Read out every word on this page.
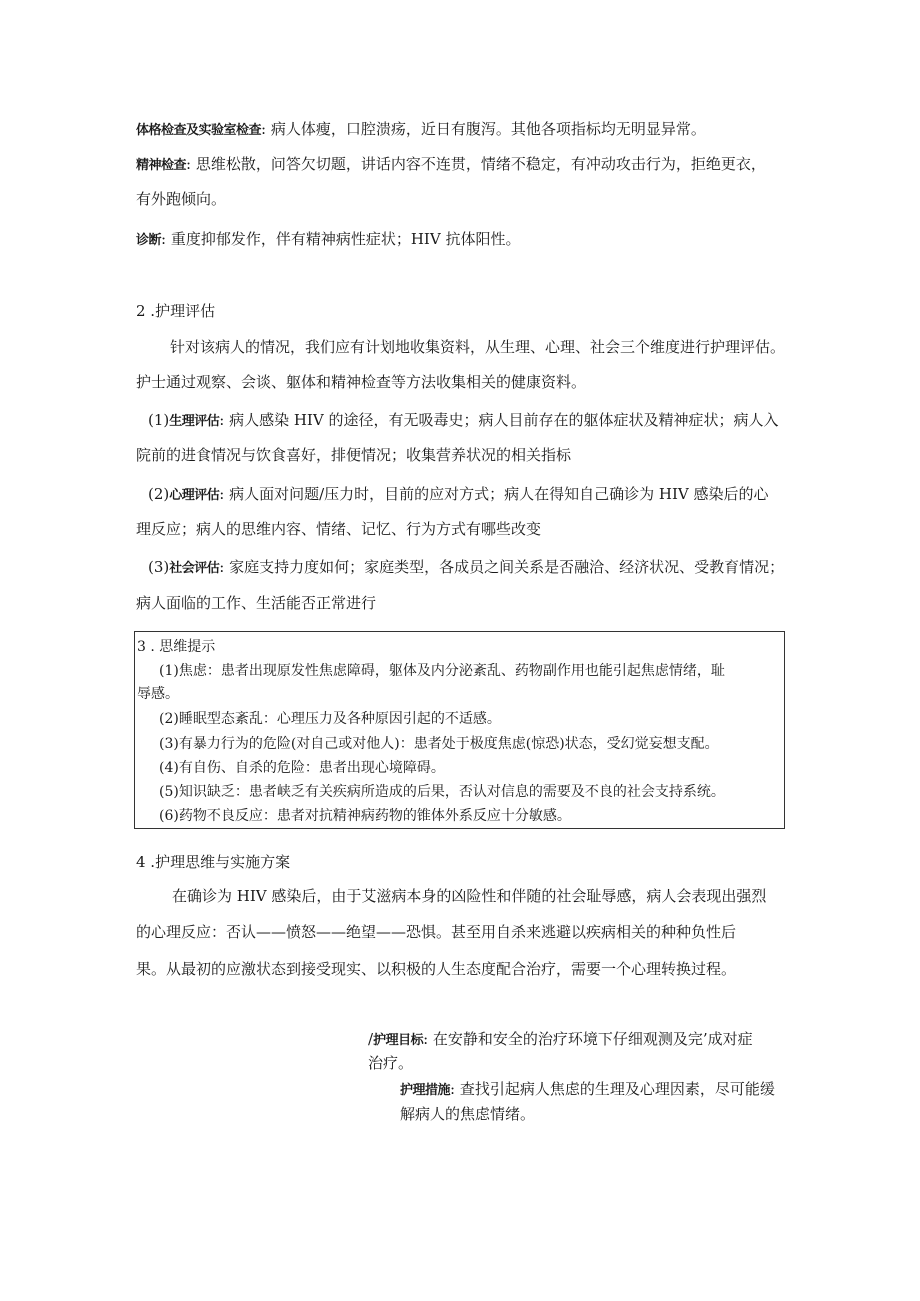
体格检查及实验室检查: 病人体瘦，口腔溃疡，近日有腹泻。其他各项指标均无明显异常。
精神检查: 思维松散，问答欠切题，讲话内容不连贯，情绪不稳定，有冲动攻击行为，拒绝更衣，
有外跑倾向。
诊断: 重度抑郁发作，伴有精神病性症状；HIV 抗体阳性。
2 .护理评估
针对该病人的情况，我们应有计划地收集资料，从生理、心理、社会三个维度进行护理评估。
护士通过观察、会谈、躯体和精神检查等方法收集相关的健康资料。
(1)生理评估: 病人感染 HIV 的途径，有无吸毒史；病人目前存在的躯体症状及精神症状；病人入
院前的进食情况与饮食喜好，排便情况；收集营养状况的相关指标
(2)心理评估: 病人面对问题/压力时，目前的应对方式；病人在得知自己确诊为 HIV 感染后的心
理反应；病人的思维内容、情绪、记忆、行为方式有哪些改变
(3)社会评估: 家庭支持力度如何；家庭类型，各成员之间关系是否融洽、经济状况、受教育情况；
病人面临的工作、生活能否正常进行
3 . 思维提示
(1)焦虑：患者出现原发性焦虑障碍，躯体及内分泌紊乱、药物副作用也能引起焦虑情绪，耻
辱感。
(2)睡眠型态紊乱：心理压力及各种原因引起的不适感。
(3)有暴力行为的危险(对自己或对他人)：患者处于极度焦虑(惊恐)状态，受幻觉妄想支配。
(4)有自伤、自杀的危险：患者出现心境障碍。
(5)知识缺乏：患者峡乏有关疾病所造成的后果，否认对信息的需要及不良的社会支持系统。
(6)药物不良反应：患者对抗精神病药物的锥体外系反应十分敏感。
4 .护理思维与实施方案
在确诊为 HIV 感染后，由于艾滋病本身的凶险性和伴随的社会耻辱感，病人会表现出强烈
的心理反应：否认——愤怒——绝望——恐惧。甚至用自杀来逃避以疾病相关的种种负性后
果。从最初的应激状态到接受现实、以积极的人生态度配合治疗，需要一个心理转换过程。
/护理目标: 在安静和安全的治疗环境下仔细观测及完’成对症
治疗。
护理措施: 查找引起病人焦虑的生理及心理因素，尽可能缓
解病人的焦虑情绪。
